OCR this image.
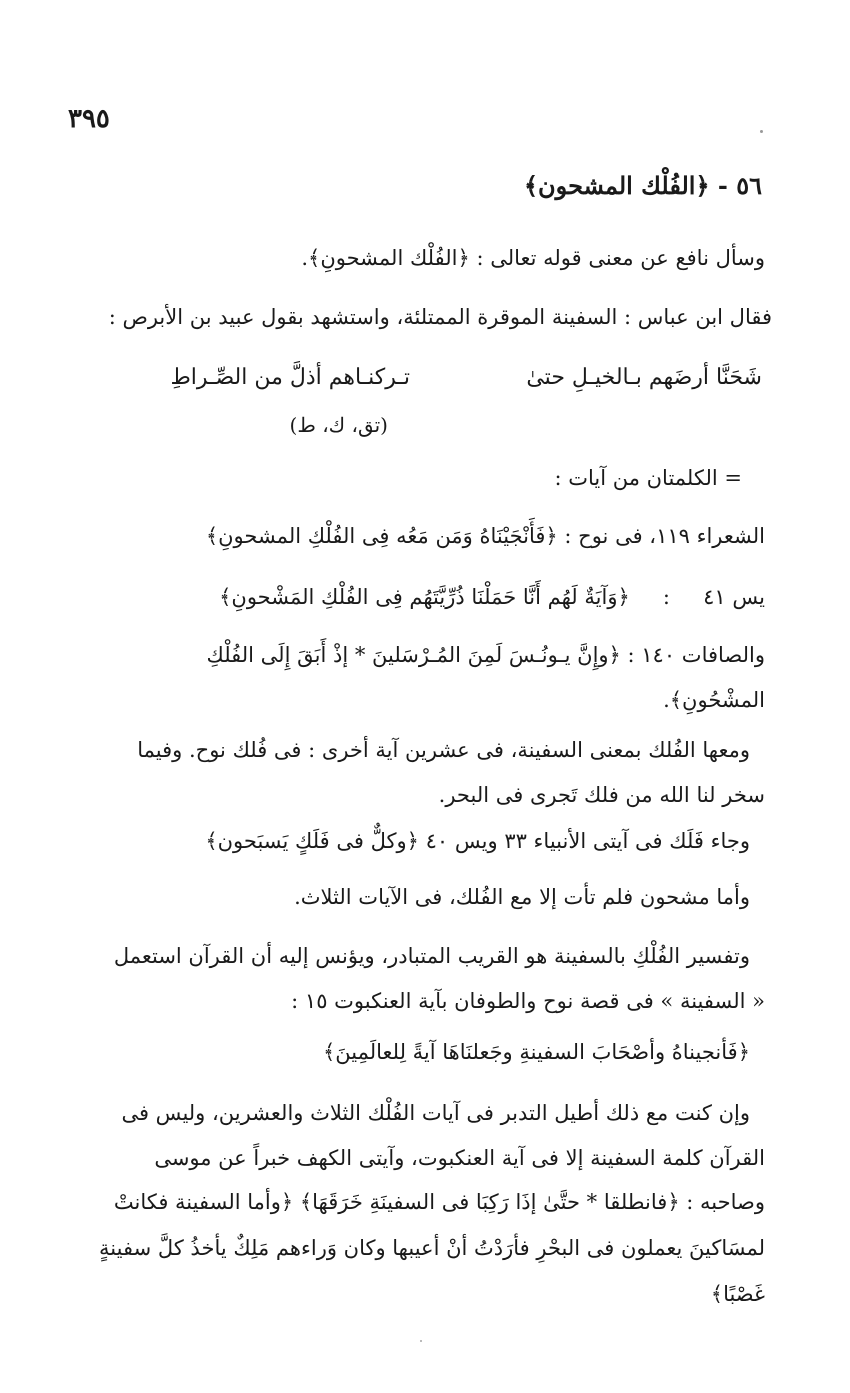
٣٩٥
٥٦ - ﴿الفُلْك المشحون﴾
وسأل نافع عن معنى قوله تعالى : ﴿الفُلْك المشحونِ﴾.
فقال ابن عباس : السفينة الموقرة الممتلئة، واستشهد بقول عبيد بن الأبرص :
شَحَنَّا أرضَهم بـالخيـلِ حتىٰ
تـركنـاهم أذلَّ من الصِّـراطِ
(تق، ك، ط)
= الكلمتان من آيات :
الشعراء ١١٩، فى نوح : ﴿فَأَنْجَيْنَاهُ وَمَن مَعُه فِى الفُلْكِ المشحونِ﴾
يس ٤١ : ﴿وَآيَةٌ لَهُم أَنَّا حَمَلْنَا ذُرِّيَّتَهُم فِى الفُلْكِ المَشْحونِ﴾
والصافات ١٤٠ : ﴿وإِنَّ يـونُـسَ لَمِنَ المُـرْسَلينَ * إذْ أَبَقَ إِلَى الفُلْكِ
المشْحُونِ﴾.
ومعها الفُلك بمعنى السفينة، فى عشرين آية أخرى : فى فُلك نوح. وفيما
سخر لنا الله من فلك تَجرى فى البحر.
وجاء فَلَك فى آيتى الأنبياء ٣٣ ويس ٤٠ ﴿وكلٌّ فى فَلَكٍ يَسبَحون﴾
وأما مشحون فلم تأت إلا مع الفُلك، فى الآيات الثلاث.
وتفسير الفُلْكِ بالسفينة هو القريب المتبادر، ويؤنس إليه أن القرآن استعمل
« السفينة » فى قصة نوح والطوفان بآية العنكبوت ١٥ :
﴿فَأنجيناهُ وأصْحَابَ السفينةِ وجَعلنَاهَا آيةً لِلعالَمِينَ﴾
وإن كنت مع ذلك أطيل التدبر فى آيات الفُلْك الثلاث والعشرين، وليس فى
القرآن كلمة السفينة إلا فى آية العنكبوت، وآيتى الكهف خبراً عن موسى
وصاحبه : ﴿فانطلقا * حتَّىٰ إذَا رَكِبَا فى السفينَةِ خَرَقَهَا﴾ ﴿وأما السفينة فكانتْ
لمسَاكينَ يعملون فى البحْرِ فأرَدْتُ أنْ أعيبها وكان وَراءهم مَلِكٌ يأخذُ كلَّ سفينةٍ
غَصْبًا﴾
